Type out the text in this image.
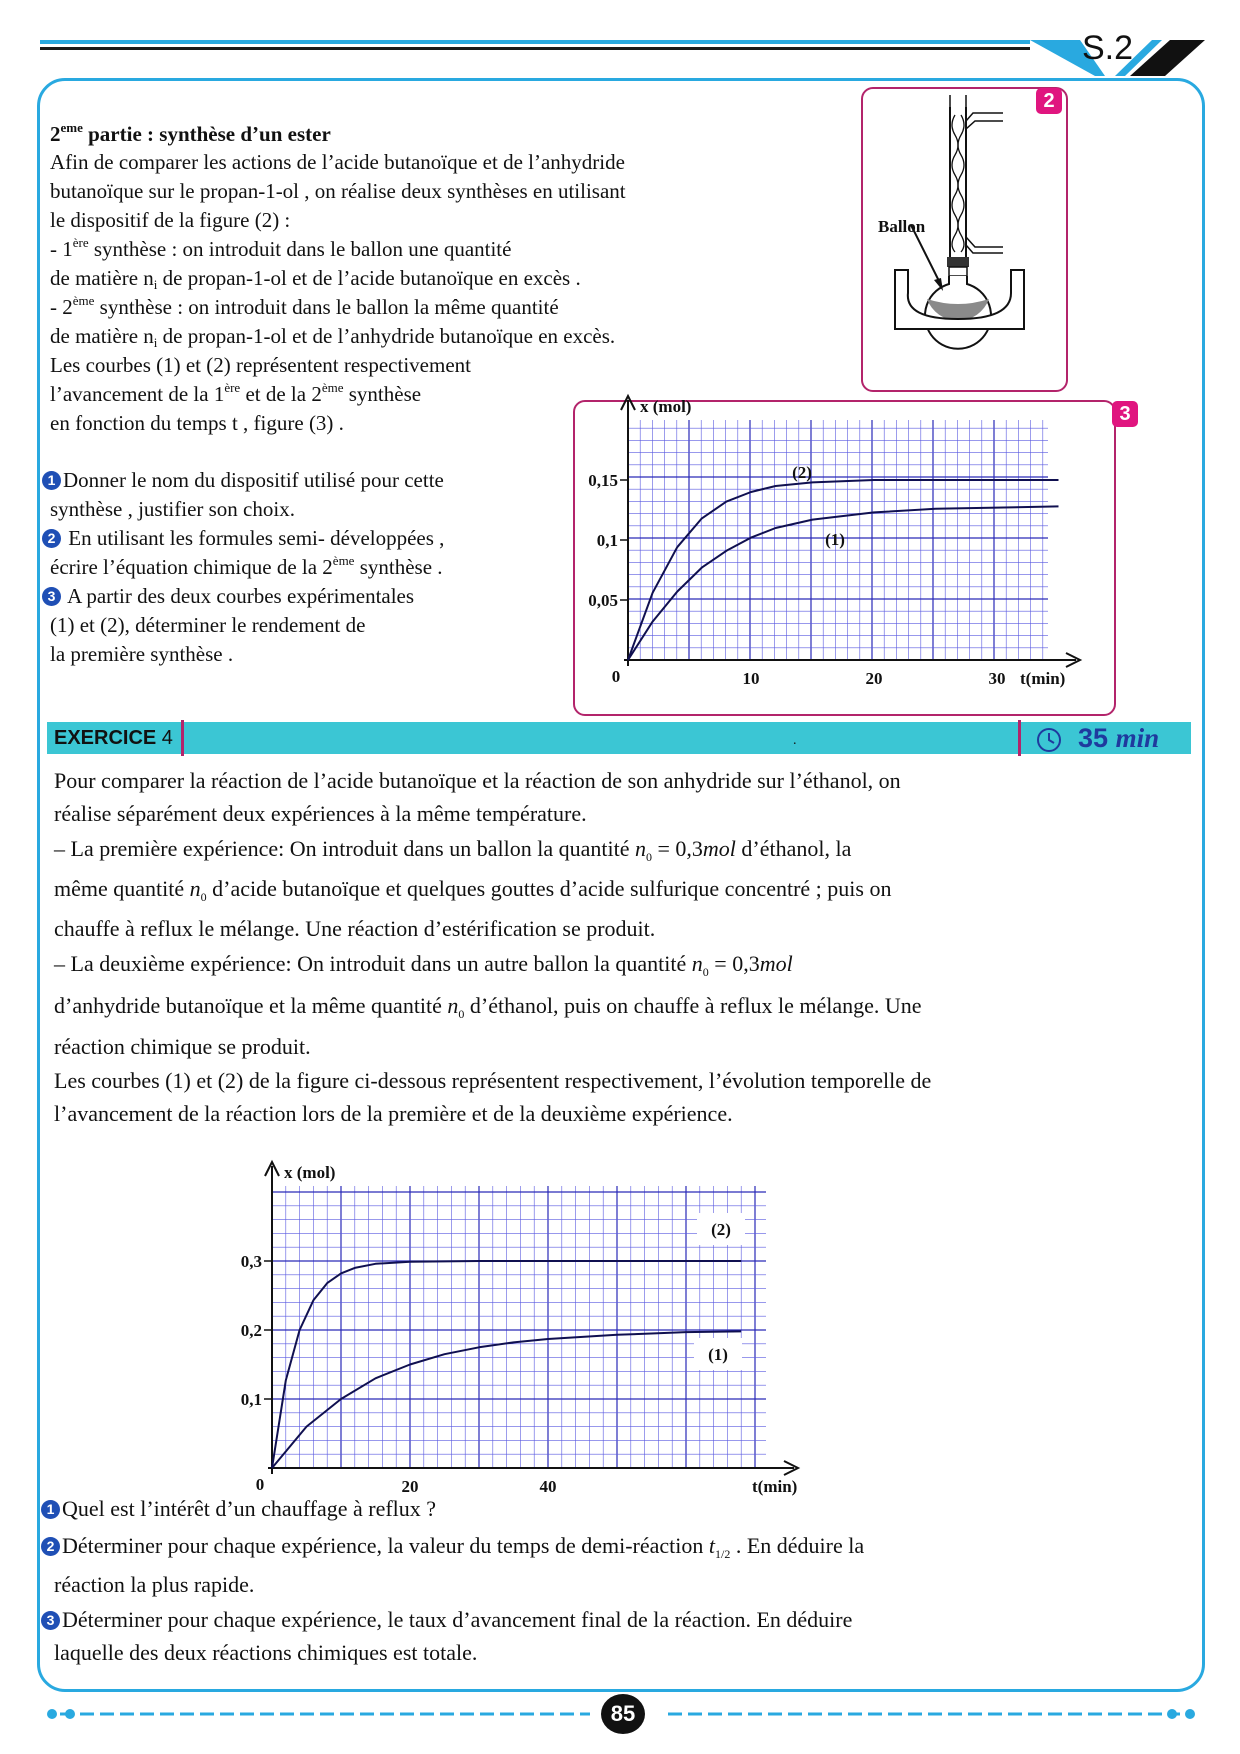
S.2
2eme partie : synthèse d’un ester
Afin de comparer les actions de l’acide butanoïque et de l’anhydride
butanoïque sur le propan-1-ol , on réalise deux synthèses en utilisant
le dispositif de la figure (2) :
- 1ère synthèse : on introduit dans le ballon une quantité
de matière $n_i$ de propan-1-ol et de l’acide butanoïque en excès .
- 2ème synthèse : on introduit dans le ballon la même quantité
de matière $n_i$ de propan-1-ol et de l’anhydride butanoïque en excès.
Les courbes (1) et (2) représentent respectivement
l’avancement de la 1ère et de la 2ème synthèse
en fonction du temps t , figure (3) .
1 Donner le nom du dispositif utilisé pour cette
synthèse , justifier son choix.
2 En utilisant les formules semi- développées ,
écrire l’équation chimique de la 2ème synthèse .
3 A partir des deux courbes expérimentales
(1) et (2), déterminer le rendement de
la première synthèse .
2
Ballon
3
x (mol)
t(min)
0	10	20	30
0,05
0,1
0,15	(2)
(1)
EXERCICE 4	.	35 min
Pour comparer la réaction de l’acide butanoïque et la réaction de son anhydride sur l’éthanol, on
réalise séparément deux expériences à la même température.
– La première expérience: On introduit dans un ballon la quantité $n_0 = 0,3mol$ d’éthanol, la
même quantité $n_0$ d’acide butanoïque et quelques gouttes d’acide sulfurique concentré ; puis on
chauffe à reflux le mélange. Une réaction d’estérification se produit.
– La deuxième expérience: On introduit dans un autre ballon la quantité $n_0 = 0,3mol$
d’anhydride butanoïque et la même quantité $n_0$ d’éthanol, puis on chauffe à reflux le mélange. Une
réaction chimique se produit.
Les courbes (1) et (2) de la figure ci-dessous représentent respectivement, l’évolution temporelle de
l’avancement de la réaction lors de la première et de la deuxième expérience.
x (mol)
t(min)
0	20	40
0,1
0,2
0,3
(2)
(1)
1 Quel est l’intérêt d’un chauffage à reflux ?
2 Déterminer pour chaque expérience, la valeur du temps de demi-réaction $t_{1/2}$ . En déduire la
réaction la plus rapide.
3 Déterminer pour chaque expérience, le taux d’avancement final de la réaction. En déduire
laquelle des deux réactions chimiques est totale.
85
